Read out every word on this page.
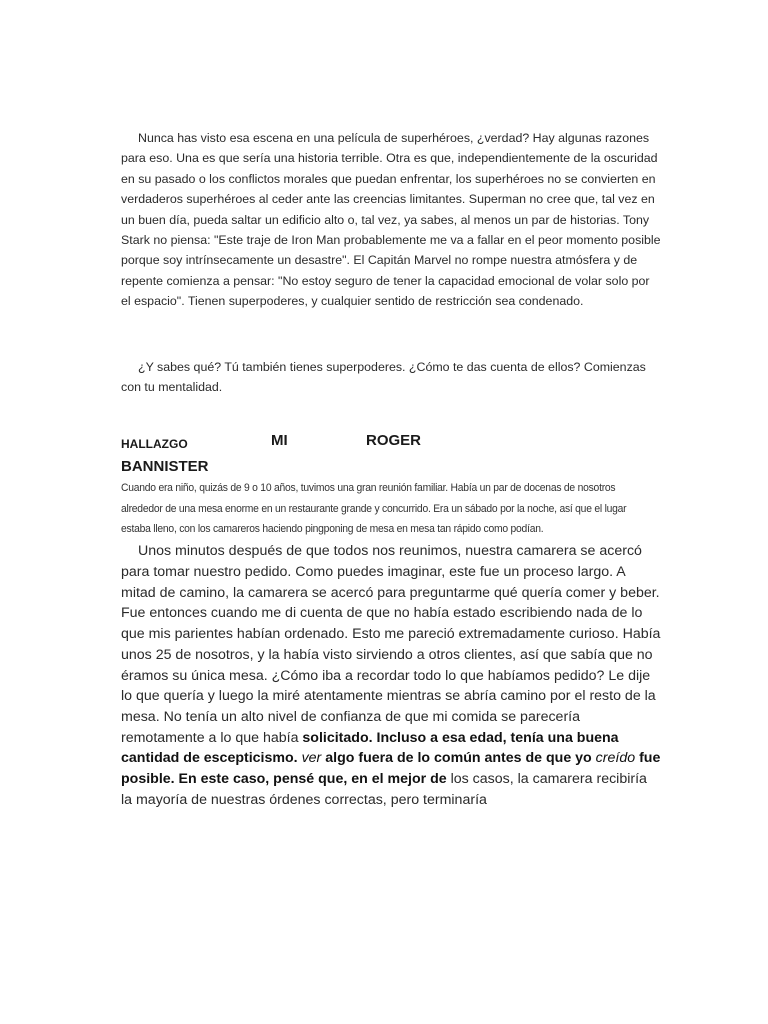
Nunca has visto esa escena en una película de superhéroes, ¿verdad? Hay algunas razones para eso. Una es que sería una historia terrible. Otra es que, independientemente de la oscuridad en su pasado o los conflictos morales que puedan enfrentar, los superhéroes no se convierten en verdaderos superhéroes al ceder ante las creencias limitantes. Superman no cree que, tal vez en un buen día, pueda saltar un edificio alto o, tal vez, ya sabes, al menos un par de historias. Tony Stark no piensa: "Este traje de Iron Man probablemente me va a fallar en el peor momento posible porque soy intrínsecamente un desastre". El Capitán Marvel no rompe nuestra atmósfera y de repente comienza a pensar: "No estoy seguro de tener la capacidad emocional de volar solo por el espacio". Tienen superpoderes, y cualquier sentido de restricción sea condenado.

¿Y sabes qué? Tú también tienes superpoderes. ¿Cómo te das cuenta de ellos? Comienzas con tu mentalidad.

HALLAZGO	MI	ROGER
BANNISTER

Cuando era niño, quizás de 9 o 10 años, tuvimos una gran reunión familiar. Había un par de docenas de nosotros alrededor de una mesa enorme en un restaurante grande y concurrido. Era un sábado por la noche, así que el lugar estaba lleno, con los camareros haciendo pingponing de mesa en mesa tan rápido como podían.

Unos minutos después de que todos nos reunimos, nuestra camarera se acercó para tomar nuestro pedido. Como puedes imaginar, este fue un proceso largo. A mitad de camino, la camarera se acercó para preguntarme qué quería comer y beber. Fue entonces cuando me di cuenta de que no había estado escribiendo nada de lo que mis parientes habían ordenado. Esto me pareció extremadamente curioso. Había unos 25 de nosotros, y la había visto sirviendo a otros clientes, así que sabía que no éramos su única mesa. ¿Cómo iba a recordar todo lo que habíamos pedido? Le dije lo que quería y luego la miré atentamente mientras se abría camino por el resto de la mesa. No tenía un alto nivel de confianza de que mi comida se parecería remotamente a lo que había solicitado. Incluso a esa edad, tenía una buena cantidad de escepticismo. ver algo fuera de lo común antes de que yo creído fue posible. En este caso, pensé que, en el mejor de los casos, la camarera recibiría la mayoría de nuestras órdenes correctas, pero terminaría
